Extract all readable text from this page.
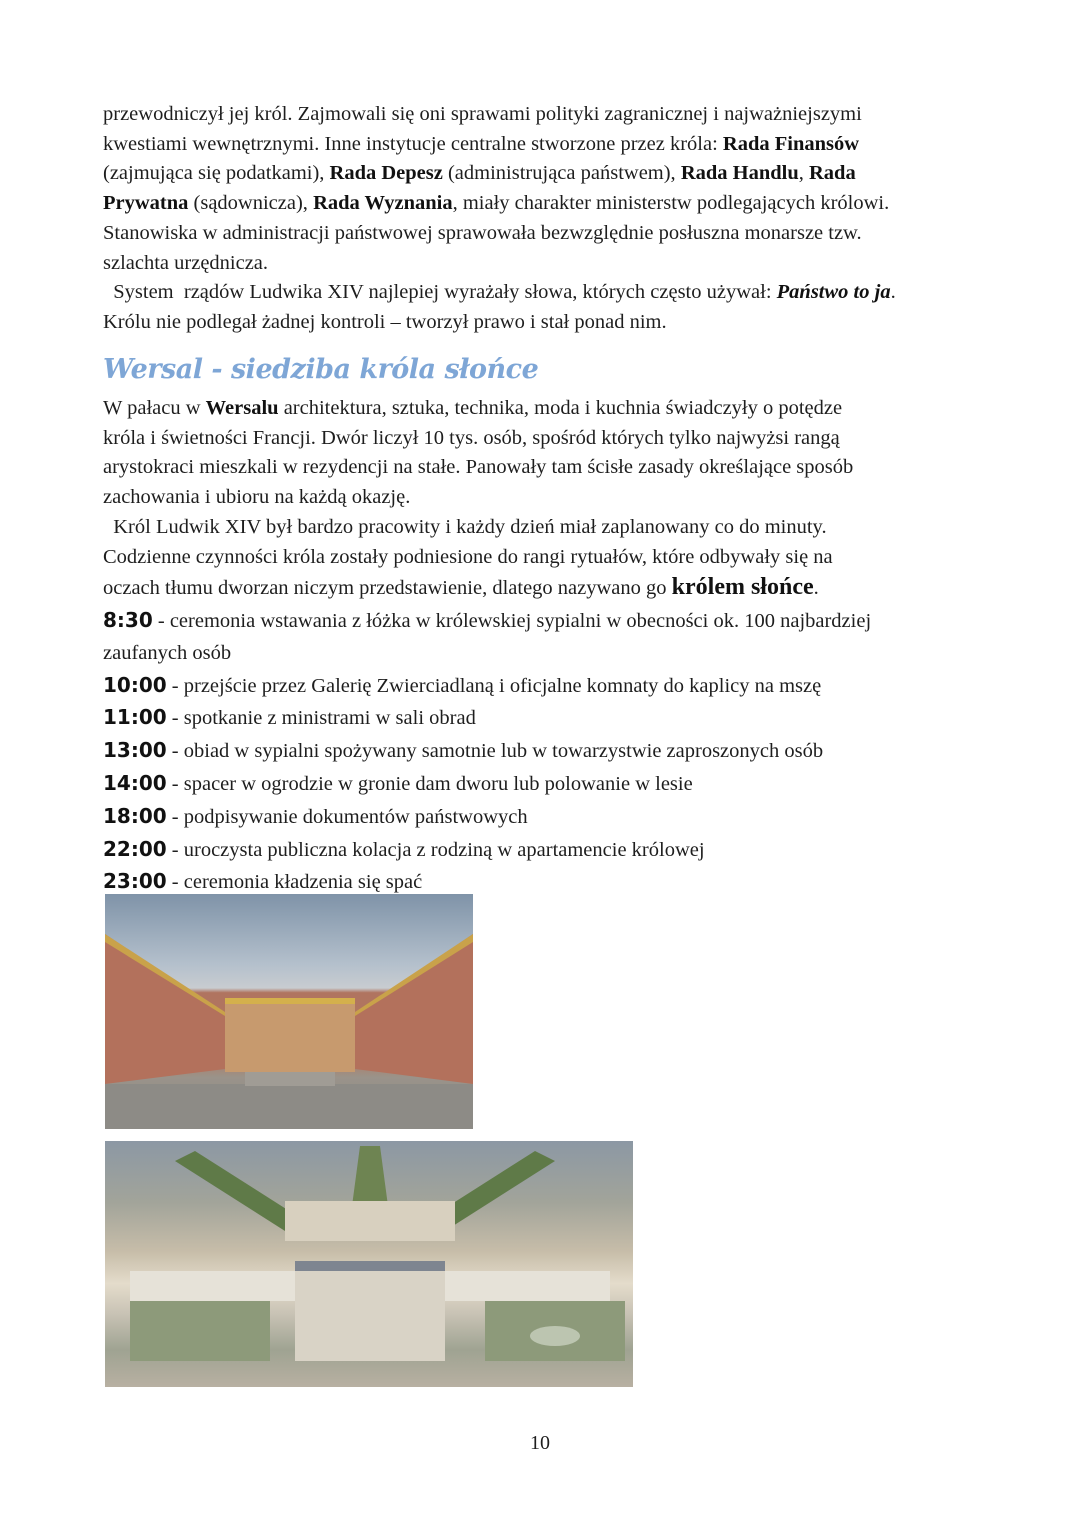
przewodniczył jej król. Zajmowali się oni sprawami polityki zagranicznej i najważniejszymi
kwestiami wewnętrznymi. Inne instytucje centralne stworzone przez króla: Rada Finansów
(zajmująca się podatkami), Rada Depesz (administrująca państwem), Rada Handlu, Rada
Prywatna (sądownicza), Rada Wyznania, miały charakter ministerstw podlegających królowi.
Stanowiska w administracji państwowej sprawowała bezwzględnie posłuszna monarsze tzw.
szlachta urzędnicza.
System  rządów Ludwika XIV najlepiej wyrażały słowa, których często używał: Państwo to ja.
Królu nie podlegał żadnej kontroli – tworzył prawo i stał ponad nim.
Wersal - siedziba króla słońce
W pałacu w Wersalu architektura, sztuka, technika, moda i kuchnia świadczyły o potędze
króla i świetności Francji. Dwór liczył 10 tys. osób, spośród których tylko najwyżsi rangą
arystokraci mieszkali w rezydencji na stałe. Panowały tam ścisłe zasady określające sposób
zachowania i ubioru na każdą okazję.
Król Ludwik XIV był bardzo pracowity i każdy dzień miał zaplanowany co do minuty.
Codzienne czynności króla zostały podniesione do rangi rytuałów, które odbywały się na
oczach tłumu dworzan niczym przedstawienie, dlatego nazywano go królem słońce.
8:30 - ceremonia wstawania z łóżka w królewskiej sypialni w obecności ok. 100 najbardziej
zaufanych osób
10:00 - przejście przez Galerię Zwierciadlaną i oficjalne komnaty do kaplicy na mszę
11:00 - spotkanie z ministrami w sali obrad
13:00 - obiad w sypialni spożywany samotnie lub w towarzystwie zaproszonych osób
14:00 - spacer w ogrodzie w gronie dam dworu lub polowanie w lesie
18:00 - podpisywanie dokumentów państwowych
22:00 - uroczysta publiczna kolacja z rodziną w apartamencie królowej
23:00 - ceremonia kładzenia się spać
10
